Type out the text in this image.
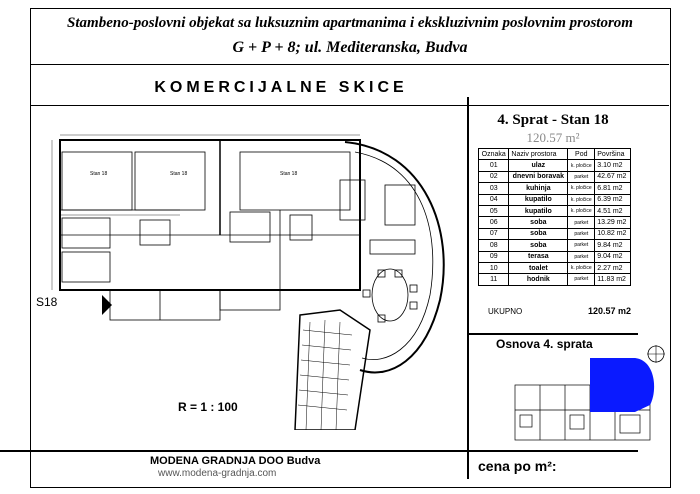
Stambeno-poslovni objekat sa luksuznim apartmanima i ekskluzivnim poslovnim prostorom
G + P + 8; ul. Mediteranska, Budva
KOMERCIJALNE SKICE
4. Sprat - Stan 18
120.57 m²
Oznaka	Naziv prostora	Pod	Površina
01	ulaz	k. pločice	3.10 m2
02	dnevni boravak	parket	42.67 m2
03	kuhinja	k. pločice	6.81 m2
04	kupatilo	k. pločice	6.39 m2
05	kupatilo	k. pločice	4.51 m2
06	soba	parket	13.29 m2
07	soba	parket	10.82 m2
08	soba	parket	9.84 m2
09	terasa	parket	9.04 m2
10	toalet	k. pločice	2.27 m2
11	hodnik	parket	11.83 m2
UKUPNO	120.57 m2
Osnova 4. sprata
Stan 18	Stan 18	Stan 18
S18
R = 1 : 100
MODENA GRADNJA DOO Budva
www.modena-gradnja.com	cena po m²:
